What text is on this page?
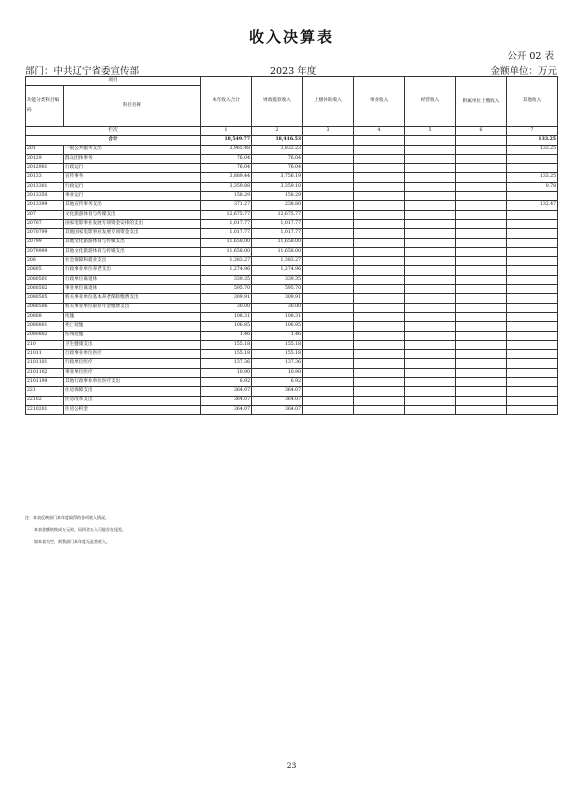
收入决算表
公开 02 表
部门：中共辽宁省委宣传部	2023 年度	金额单位：万元
项目		本年收入合计	财政拨款收入	上级补助收入	事业收入	经营收入	附属单位上缴收入	其他收入
功能分类科目编码	科目名称							
栏次		1	2	3	4	5	6	7
合计		18,549.77	18,416.53					133.25
201	一般公共服务支出	3,965.48	3,832.23					133.25
20129	群众团体事务	76.04	76.04					
2012901	行政运行	76.04	76.04					
20133	宣传事务	3,889.44	3,756.19					133.25
2013301	行政运行	3,359.88	3,359.10					0.78
2013350	事业运行	158.29	158.29					
2013399	其他宣传事务支出	371.27	238.80					132.47
207	文化旅游体育与传媒支出	12,675.77	12,675.77					
20707	国家电影事业发展专项资金安排的支出	1,017.77	1,017.77					
2070799	其他国家电影事业发展专项资金支出	1,017.77	1,017.77					
20799	其他文化旅游体育与传媒支出	11,658.00	11,658.00					
2079999	其他文化旅游体育与传媒支出	11,658.00	11,658.00					
208	社会保障和就业支出	1,383.27	1,383.27					
20805	行政事业单位养老支出	1,274.96	1,274.96					
2080501	行政单位离退休	339.35	339.35					
2080502	事业单位离退休	595.70	595.70					
2080505	机关事业单位基本养老保险缴费支出	309.91	309.91					
2080506	机关事业单位职业年金缴费支出	30.00	30.00					
20808	抚恤	108.31	108.31					
2080801	死亡抚恤	106.85	106.85					
2080802	伤残抚恤	1.46	1.46					
210	卫生健康支出	155.18	155.18					
21011	行政事业单位医疗	155.18	155.18					
2101101	行政单位医疗	137.36	137.36					
2101102	事业单位医疗	10.90	10.90					
2101199	其他行政事业单位医疗支出	6.92	6.92					
221	住房保障支出	364.07	364.07					
22102	住房改革支出	364.07	364.07					
2210201	住房公积金	364.07	364.07					
注：本表反映部门本年度取得的各项收入情况。
本表金额转换成万元时，因四舍五入可能存在尾差。
如本表为空，则我部门本年度无此类收入。
23
